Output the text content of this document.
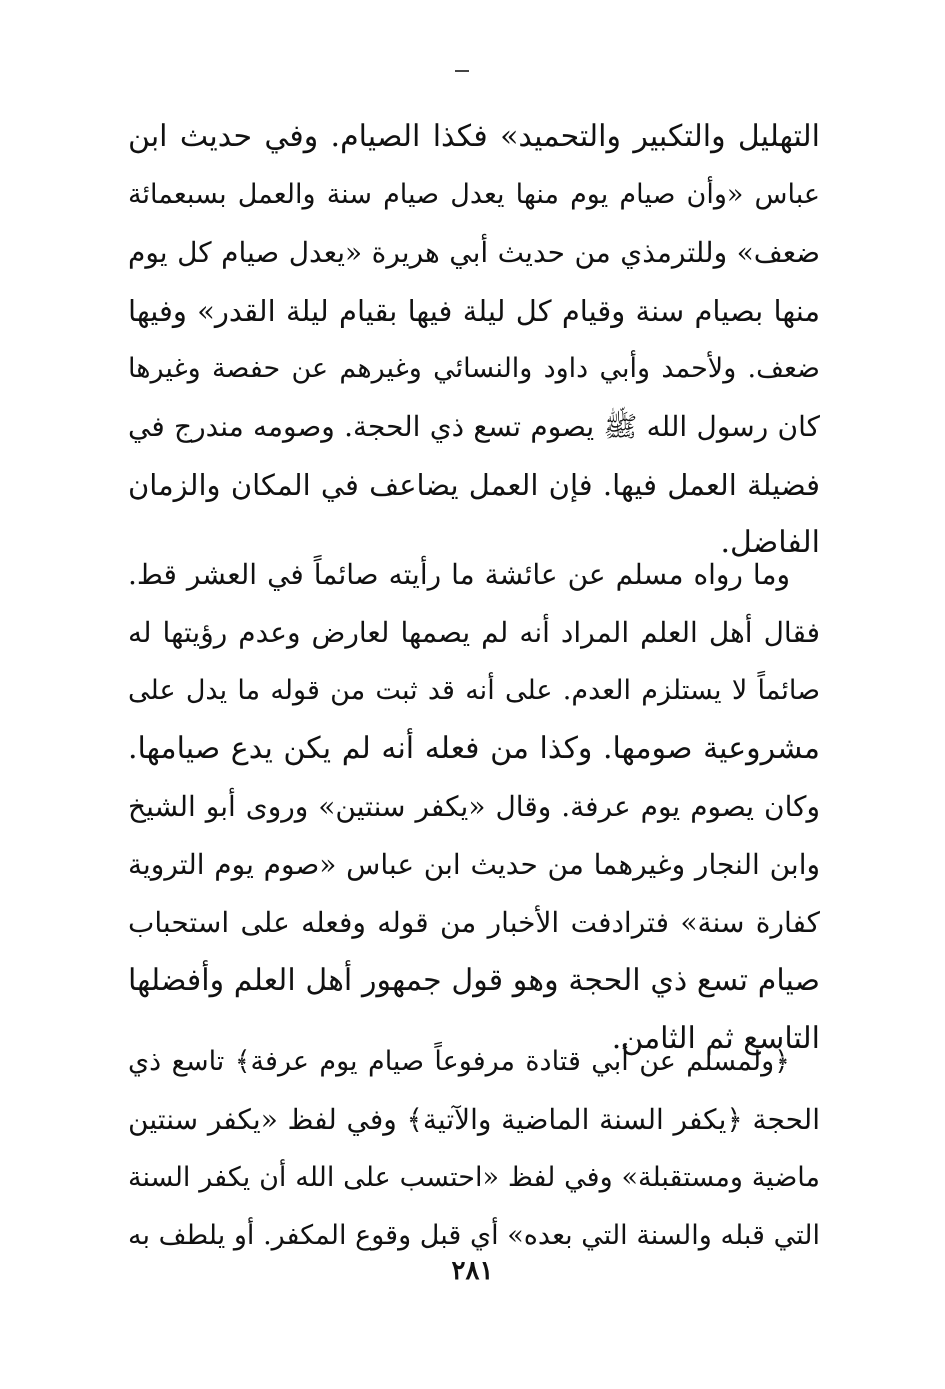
التهليل والتكبير والتحميد» فكذا الصيام. وفي حديث ابن
عباس «وأن صيام يوم منها يعدل صيام سنة والعمل بسبعمائة
ضعف» وللترمذي من حديث أبي هريرة «يعدل صيام كل يوم
منها بصيام سنة وقيام كل ليلة فيها بقيام ليلة القدر» وفيها
ضعف. ولأحمد وأبي داود والنسائي وغيرهم عن حفصة وغيرها
كان رسول الله ﷺ يصوم تسع ذي الحجة. وصومه مندرج في
فضيلة العمل فيها. فإن العمل يضاعف في المكان والزمان
الفاضل.
وما رواه مسلم عن عائشة ما رأيته صائماً في العشر قط.
فقال أهل العلم المراد أنه لم يصمها لعارض وعدم رؤيتها له
صائماً لا يستلزم العدم. على أنه قد ثبت من قوله ما يدل على
مشروعية صومها. وكذا من فعله أنه لم يكن يدع صيامها.
وكان يصوم يوم عرفة. وقال «يكفر سنتين» وروى أبو الشيخ
وابن النجار وغيرهما من حديث ابن عباس «صوم يوم التروية
كفارة سنة» فترادفت الأخبار من قوله وفعله على استحباب
صيام تسع ذي الحجة وهو قول جمهور أهل العلم وأفضلها
التاسع ثم الثامن.
﴿ولمسلم عن أبي قتادة مرفوعاً صيام يوم عرفة﴾ تاسع ذي
الحجة ﴿يكفر السنة الماضية والآتية﴾ وفي لفظ «يكفر سنتين
ماضية ومستقبلة» وفي لفظ «احتسب على الله أن يكفر السنة
التي قبله والسنة التي بعده» أي قبل وقوع المكفر. أو يلطف به
٢٨١
